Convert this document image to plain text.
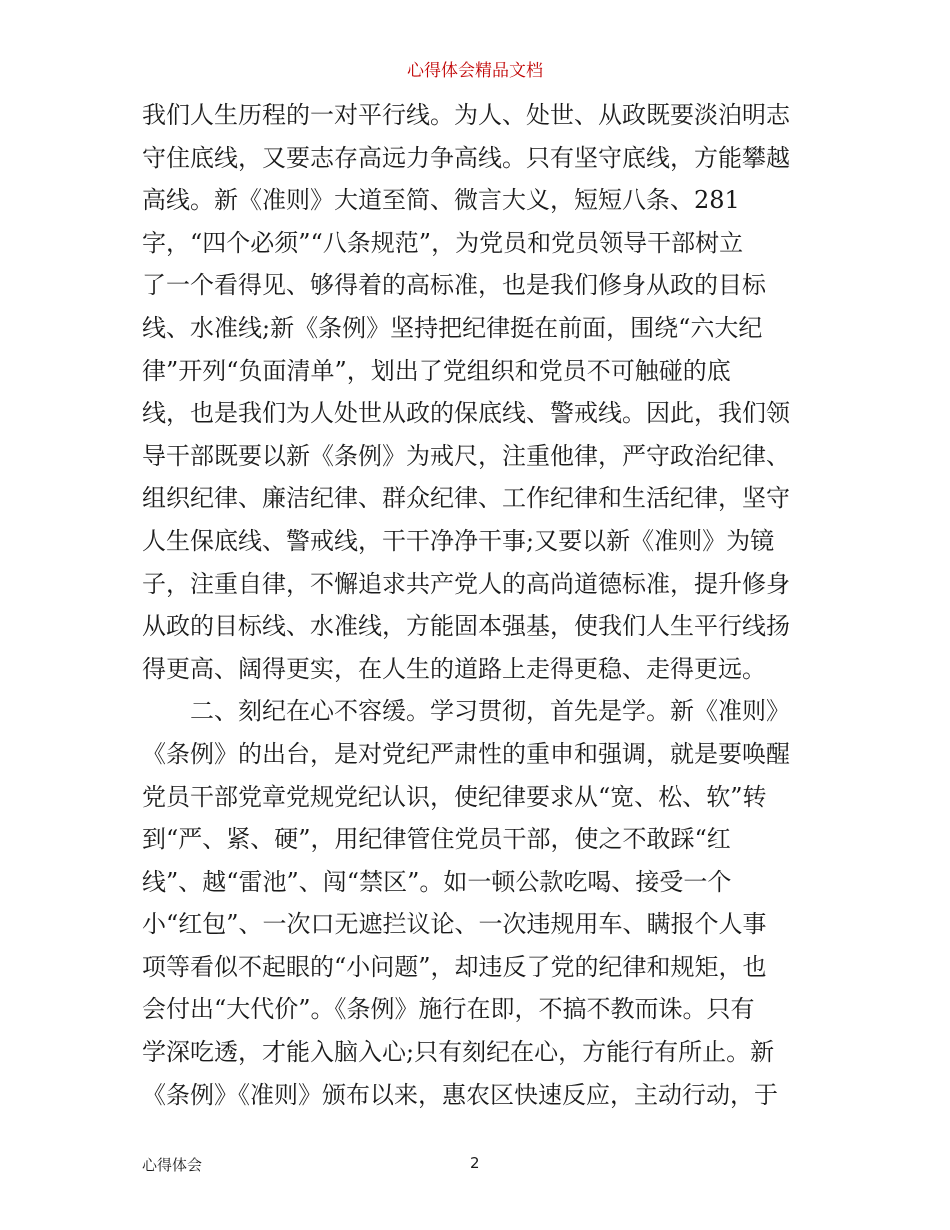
心得体会精品文档
我们人生历程的一对平行线。为人、处世、从政既要淡泊明志
守住底线，又要志存高远力争高线。只有坚守底线，方能攀越
高线。新《准则》大道至简、微言大义，短短八条、281
字，“四个必须”“八条规范”，为党员和党员领导干部树立
了一个看得见、够得着的高标准，也是我们修身从政的目标
线、水准线;新《条例》坚持把纪律挺在前面，围绕“六大纪
律”开列“负面清单”，划出了党组织和党员不可触碰的底
线，也是我们为人处世从政的保底线、警戒线。因此，我们领
导干部既要以新《条例》为戒尺，注重他律，严守政治纪律、
组织纪律、廉洁纪律、群众纪律、工作纪律和生活纪律，坚守
人生保底线、警戒线，干干净净干事;又要以新《准则》为镜
子，注重自律，不懈追求共产党人的高尚道德标准，提升修身
从政的目标线、水准线，方能固本强基，使我们人生平行线扬
得更高、阔得更实，在人生的道路上走得更稳、走得更远。
二、刻纪在心不容缓。学习贯彻，首先是学。新《准则》
《条例》的出台，是对党纪严肃性的重申和强调，就是要唤醒
党员干部党章党规党纪认识，使纪律要求从“宽、松、软”转
到“严、紧、硬”，用纪律管住党员干部，使之不敢踩“红
线”、越“雷池”、闯“禁区”。如一顿公款吃喝、接受一个
小“红包”、一次口无遮拦议论、一次违规用车、瞒报个人事
项等看似不起眼的“小问题”，却违反了党的纪律和规矩，也
会付出“大代价”。《条例》施行在即，不搞不教而诛。只有
学深吃透，才能入脑入心;只有刻纪在心，方能行有所止。新
《条例》《准则》颁布以来，惠农区快速反应，主动行动，于
心得体会	2
